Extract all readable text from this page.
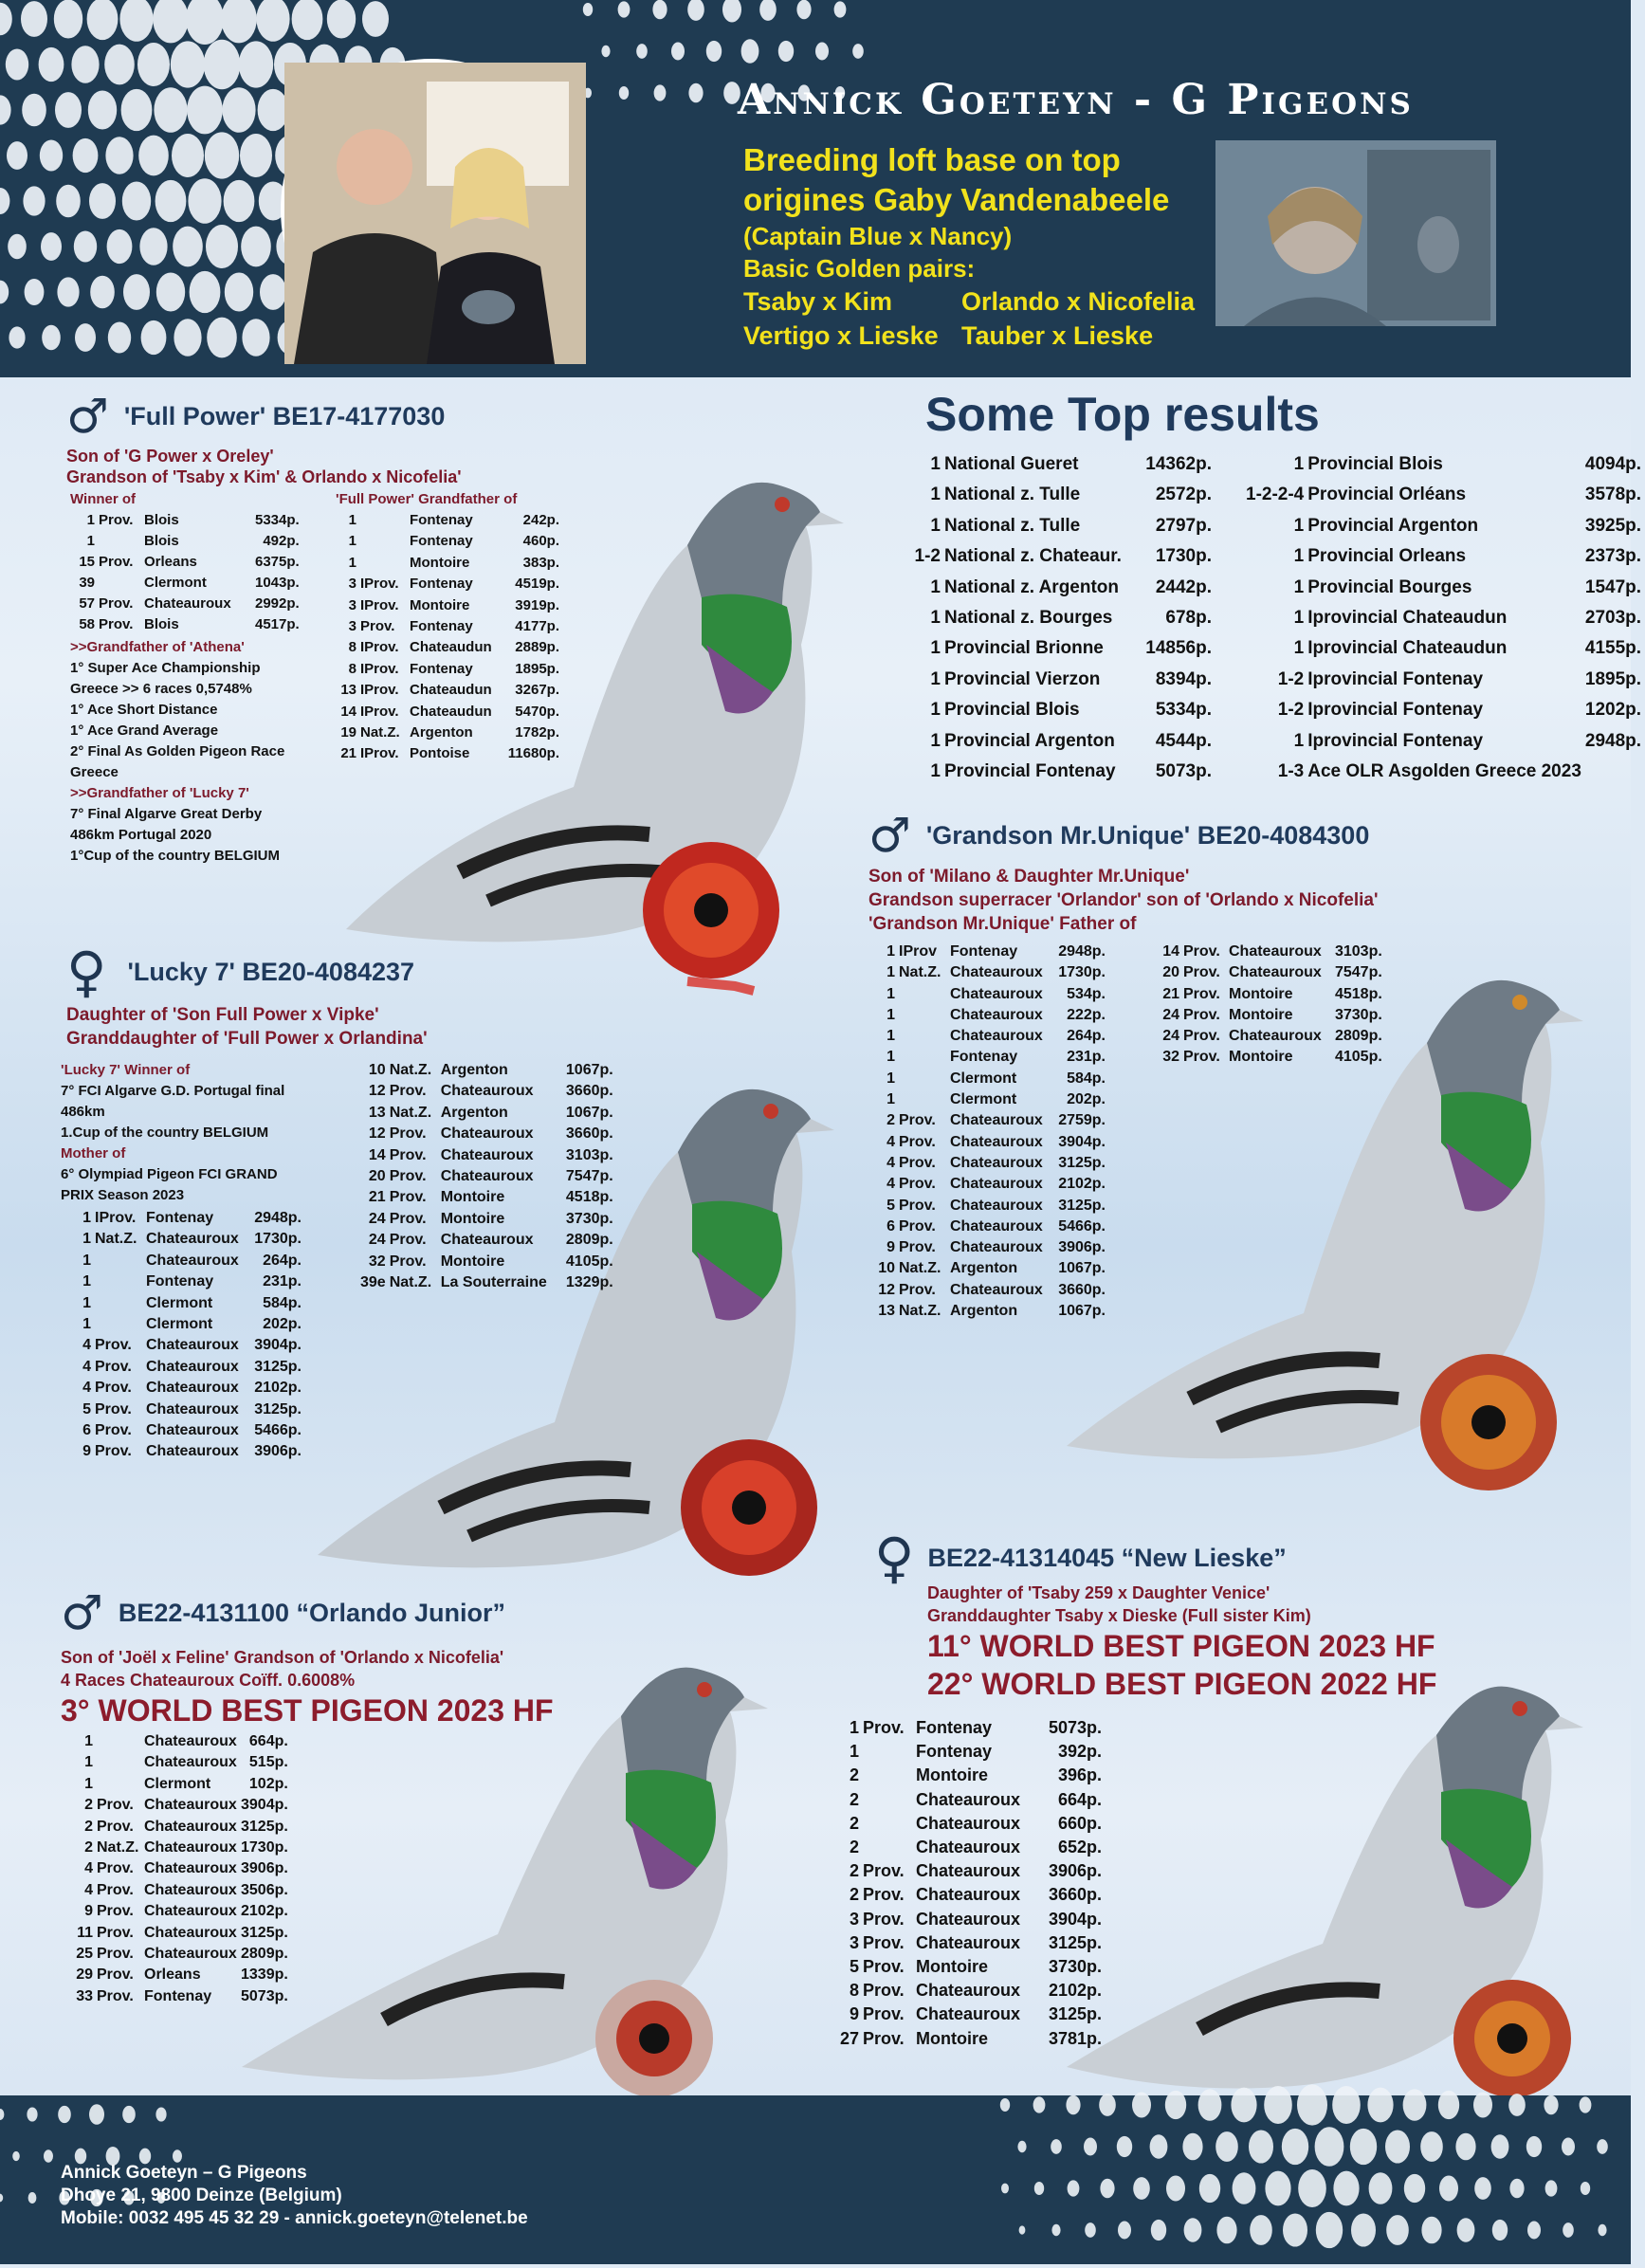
Annick Goeteyn - G Pigeons
Breeding loft base on top
origines Gaby Vandenabeele
(Captain Blue x Nancy)
Basic Golden pairs:
Tsaby x Kim	Orlando x Nicofelia
Vertigo x Lieske Tauber x Lieske
♂ 'Full Power' BE17-4177030
Son of 'G Power x Oreley'
Grandson of 'Tsaby x Kim' & Orlando x Nicofelia'
Winner of
1	Prov.	Blois	5334p.
1		Blois	492p.
15	Prov.	Orleans	6375p.
39		Clermont	1043p.
57	Prov.	Chateauroux	2992p.
58	Prov.	Blois	4517p.
'Full Power' Grandfather of
1		Fontenay	242p.
1		Fontenay	460p.
1		Montoire	383p.
3	IProv.	Fontenay	4519p.
3	IProv.	Montoire	3919p.
3	Prov.	Fontenay	4177p.
8	IProv.	Chateaudun	2889p.
8	IProv.	Fontenay	1895p.
13	IProv.	Chateaudun	3267p.
14	IProv.	Chateaudun	5470p.
19	Nat.Z.	Argenton	1782p.
21	IProv.	Pontoise	11680p.
>>Grandfather of 'Athena'
1° Super Ace Championship
Greece >> 6 races 0,5748%
1° Ace Short Distance
1° Ace Grand Average
2° Final As Golden Pigeon Race
Greece
>>Grandfather of 'Lucky 7'
7° Final Algarve Great Derby
486km Portugal 2020
1°Cup of the country BELGIUM
Some Top results
1	National Gueret	14362p.
1	National z. Tulle	2572p.
1	National z. Tulle	2797p.
1-2	National z. Chateaur.	1730p.
1	National z. Argenton	2442p.
1	National z. Bourges	678p.
1	Provincial Brionne	14856p.
1	Provincial Vierzon	8394p.
1	Provincial Blois	5334p.
1	Provincial Argenton	4544p.
1	Provincial Fontenay	5073p.
1	Provincial Blois	4094p.
1-2-2-4	Provincial Orléans	3578p.
1	Provincial Argenton	3925p.
1	Provincial Orleans	2373p.
1	Provincial Bourges	1547p.
1	Iprovincial Chateaudun	2703p.
1	Iprovincial Chateaudun	4155p.
1-2	Iprovincial Fontenay	1895p.
1-2	Iprovincial Fontenay	1202p.
1	Iprovincial Fontenay	2948p.
1-3	Ace OLR Asgolden Greece 2023	
♂ 'Grandson Mr.Unique' BE20-4084300
Son of 'Milano & Daughter Mr.Unique'
Grandson superracer 'Orlandor' son of 'Orlando x Nicofelia'
'Grandson Mr.Unique' Father of
1	IProv	Fontenay	2948p.
1	Nat.Z.	Chateauroux	1730p.
1		Chateauroux	534p.
1		Chateauroux	222p.
1		Chateauroux	264p.
1		Fontenay	231p.
1		Clermont	584p.
1		Clermont	202p.
2	Prov.	Chateauroux	2759p.
4	Prov.	Chateauroux	3904p.
4	Prov.	Chateauroux	3125p.
4	Prov.	Chateauroux	2102p.
5	Prov.	Chateauroux	3125p.
6	Prov.	Chateauroux	5466p.
9	Prov.	Chateauroux	3906p.
10	Nat.Z.	Argenton	1067p.
12	Prov.	Chateauroux	3660p.
13	Nat.Z.	Argenton	1067p.
14	Prov.	Chateauroux	3103p.
20	Prov.	Chateauroux	7547p.
21	Prov.	Montoire	4518p.
24	Prov.	Montoire	3730p.
24	Prov.	Chateauroux	2809p.
32	Prov.	Montoire	4105p.
♀ 'Lucky 7' BE20-4084237
Daughter of 'Son Full Power x Vipke'
Granddaughter of 'Full Power x Orlandina'
'Lucky 7' Winner of
7° FCI Algarve G.D. Portugal final
486km
1.Cup of the country BELGIUM
Mother of
6° Olympiad Pigeon FCI GRAND
PRIX Season 2023
1	IProv.	Fontenay	2948p.
1	Nat.Z.	Chateauroux	1730p.
1		Chateauroux	264p.
1		Fontenay	231p.
1		Clermont	584p.
1		Clermont	202p.
4	Prov.	Chateauroux	3904p.
4	Prov.	Chateauroux	3125p.
4	Prov.	Chateauroux	2102p.
5	Prov.	Chateauroux	3125p.
6	Prov.	Chateauroux	5466p.
9	Prov.	Chateauroux	3906p.
10	Nat.Z.	Argenton	1067p.
12	Prov.	Chateauroux	3660p.
13	Nat.Z.	Argenton	1067p.
12	Prov.	Chateauroux	3660p.
14	Prov.	Chateauroux	3103p.
20	Prov.	Chateauroux	7547p.
21	Prov.	Montoire	4518p.
24	Prov.	Montoire	3730p.
24	Prov.	Chateauroux	2809p.
32	Prov.	Montoire	4105p.
39e	Nat.Z.	La Souterraine	1329p.
♂ BE22-4131100 “Orlando Junior”
Son of 'Joël x Feline' Grandson of 'Orlando x Nicofelia'
4 Races Chateauroux Coïff. 0.6008%
3° WORLD BEST PIGEON 2023 HF
1		Chateauroux	664p.
1		Chateauroux	515p.
1		Clermont	102p.
2	Prov.	Chateauroux	3904p.
2	Prov.	Chateauroux	3125p.
2	Nat.Z.	Chateauroux	1730p.
4	Prov.	Chateauroux	3906p.
4	Prov.	Chateauroux	3506p.
9	Prov.	Chateauroux	2102p.
11	Prov.	Chateauroux	3125p.
25	Prov.	Chateauroux	2809p.
29	Prov.	Orleans	1339p.
33	Prov.	Fontenay	5073p.
♀ BE22-41314045 “New Lieske”
Daughter of 'Tsaby 259 x Daughter Venice'
Granddaughter Tsaby x Dieske (Full sister Kim)
11° WORLD BEST PIGEON 2023 HF
22° WORLD BEST PIGEON 2022 HF
1	Prov.	Fontenay	5073p.
1		Fontenay	392p.
2		Montoire	396p.
2		Chateauroux	664p.
2		Chateauroux	660p.
2		Chateauroux	652p.
2	Prov.	Chateauroux	3906p.
2	Prov.	Chateauroux	3660p.
3	Prov.	Chateauroux	3904p.
3	Prov.	Chateauroux	3125p.
5	Prov.	Montoire	3730p.
8	Prov.	Chateauroux	2102p.
9	Prov.	Chateauroux	3125p.
27	Prov.	Montoire	3781p.
Annick Goeteyn – G Pigeons
Dhoye 21, 9800 Deinze (Belgium)
Mobile: 0032 495 45 32 29 - annick.goeteyn@telenet.be
